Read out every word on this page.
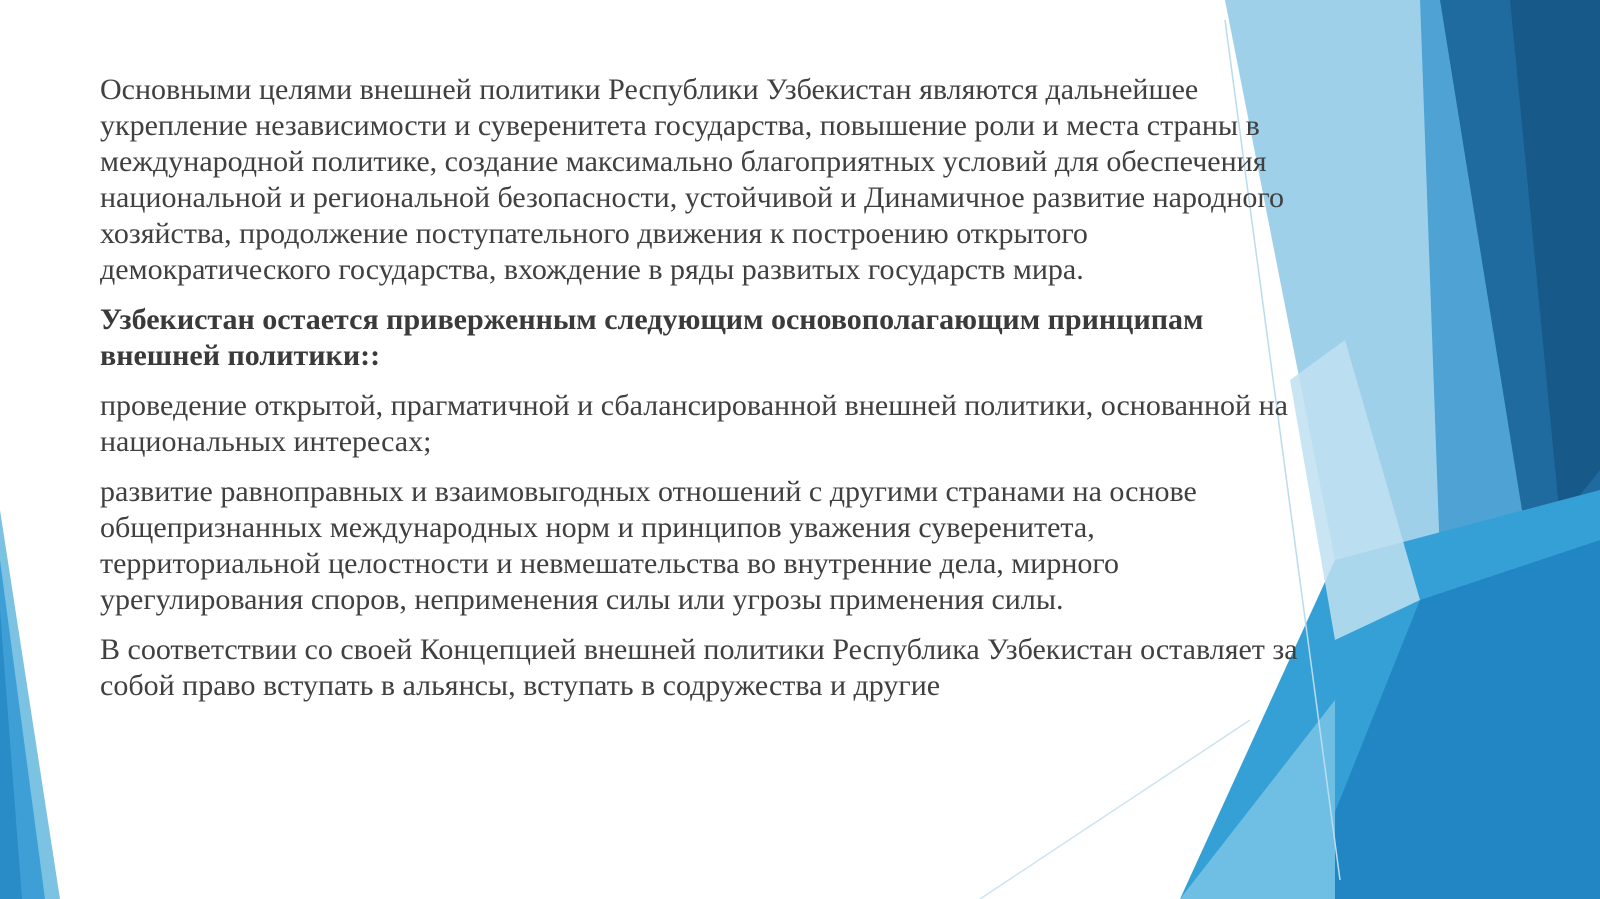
Основными целями внешней политики Республики Узбекистан являются дальнейшее укрепление независимости и суверенитета государства, повышение роли и места страны в международной политике, создание максимально благоприятных условий для обеспечения национальной и региональной безопасности, устойчивой и Динамичное развитие народного хозяйства, продолжение поступательного движения к построению открытого демократического государства, вхождение в ряды развитых государств мира.

Узбекистан остается приверженным следующим основополагающим принципам внешней политики::

проведение открытой, прагматичной и сбалансированной внешней политики, основанной на национальных интересах;

развитие равноправных и взаимовыгодных отношений с другими странами на основе общепризнанных международных норм и принципов уважения суверенитета, территориальной целостности и невмешательства во внутренние дела, мирного урегулирования споров, неприменения силы или угрозы применения силы.

В соответствии со своей Концепцией внешней политики Республика Узбекистан оставляет за собой право вступать в альянсы, вступать в содружества и другие
